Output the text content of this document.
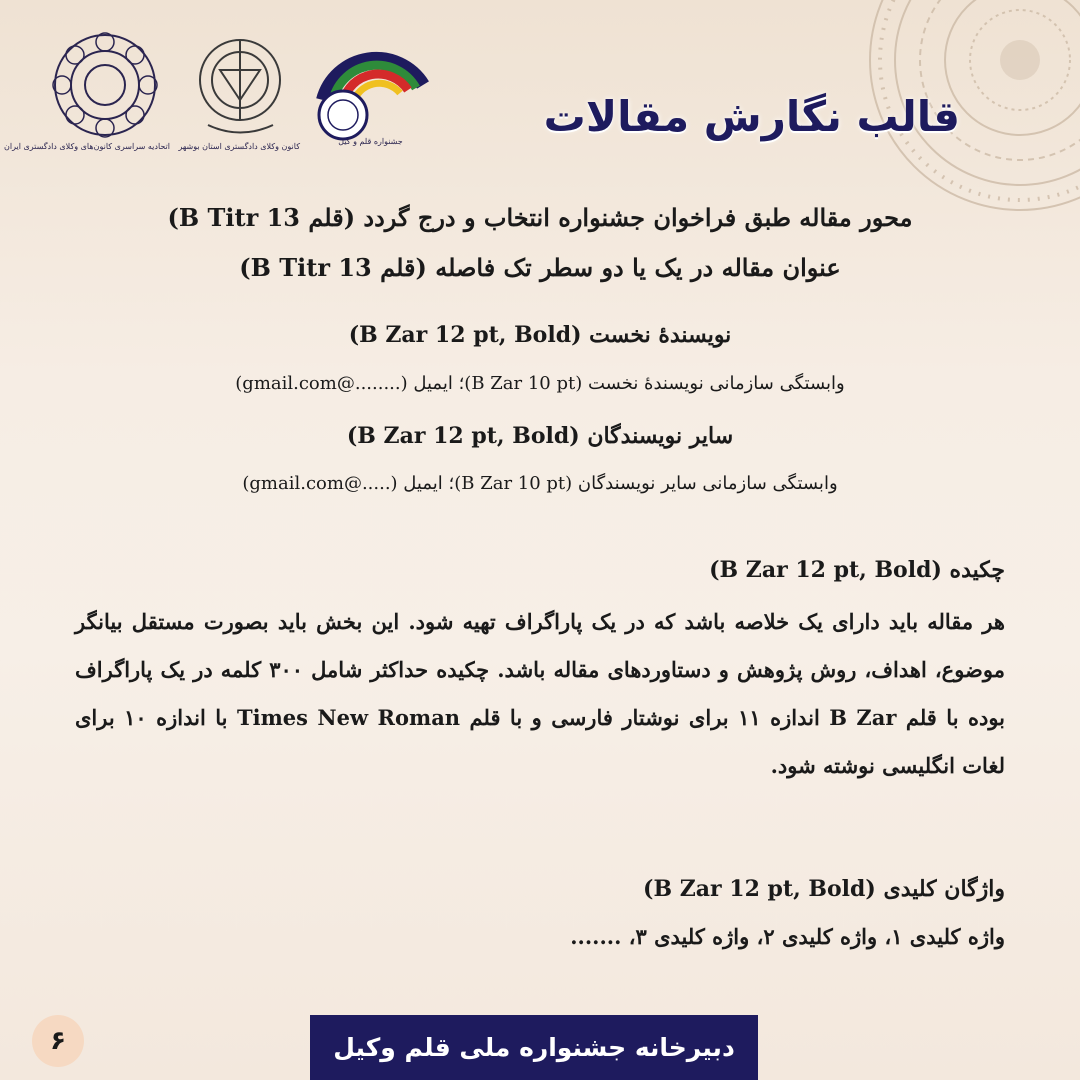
اتحادیه سراسری کانون‌های وکلای دادگستری ایران کانون وکلای دادگستری استان بوشهر
جشنواره قلم و کیل
قالب نگارش مقالات
محور مقاله طبق فراخوان جشنواره انتخاب و درج گردد (قلم B Titr 13)
عنوان مقاله در یک یا دو سطر تک فاصله (قلم B Titr 13)
نویسندهٔ نخست (B Zar 12 pt, Bold)
وابستگی سازمانی نویسندهٔ نخست (B Zar 10 pt)؛ ایمیل (........@gmail.com)
سایر نویسندگان (B Zar 12 pt, Bold)
وابستگی سازمانی سایر نویسندگان (B Zar 10 pt)؛ ایمیل (.....@gmail.com)
چکیده (B Zar 12 pt, Bold)

هر مقاله باید دارای یک خلاصه باشد که در یک پاراگراف تهیه شود. این بخش باید بصورت مستقل بیانگر موضوع، اهداف، روش پژوهش و دستاوردهای مقاله باشد. چکیده حداکثر شامل ۳۰۰ کلمه در یک پاراگراف بوده با قلم B Zar اندازه ۱۱ برای نوشتار فارسی و با قلم Times New Roman با اندازه ۱۰ برای لغات انگلیسی نوشته شود.

واژگان کلیدی (B Zar 12 pt, Bold)
واژه کلیدی ۱، واژه کلیدی ۲، واژه کلیدی ۳، .......
۶	دبیرخانه جشنواره ملی قلم وکیل
